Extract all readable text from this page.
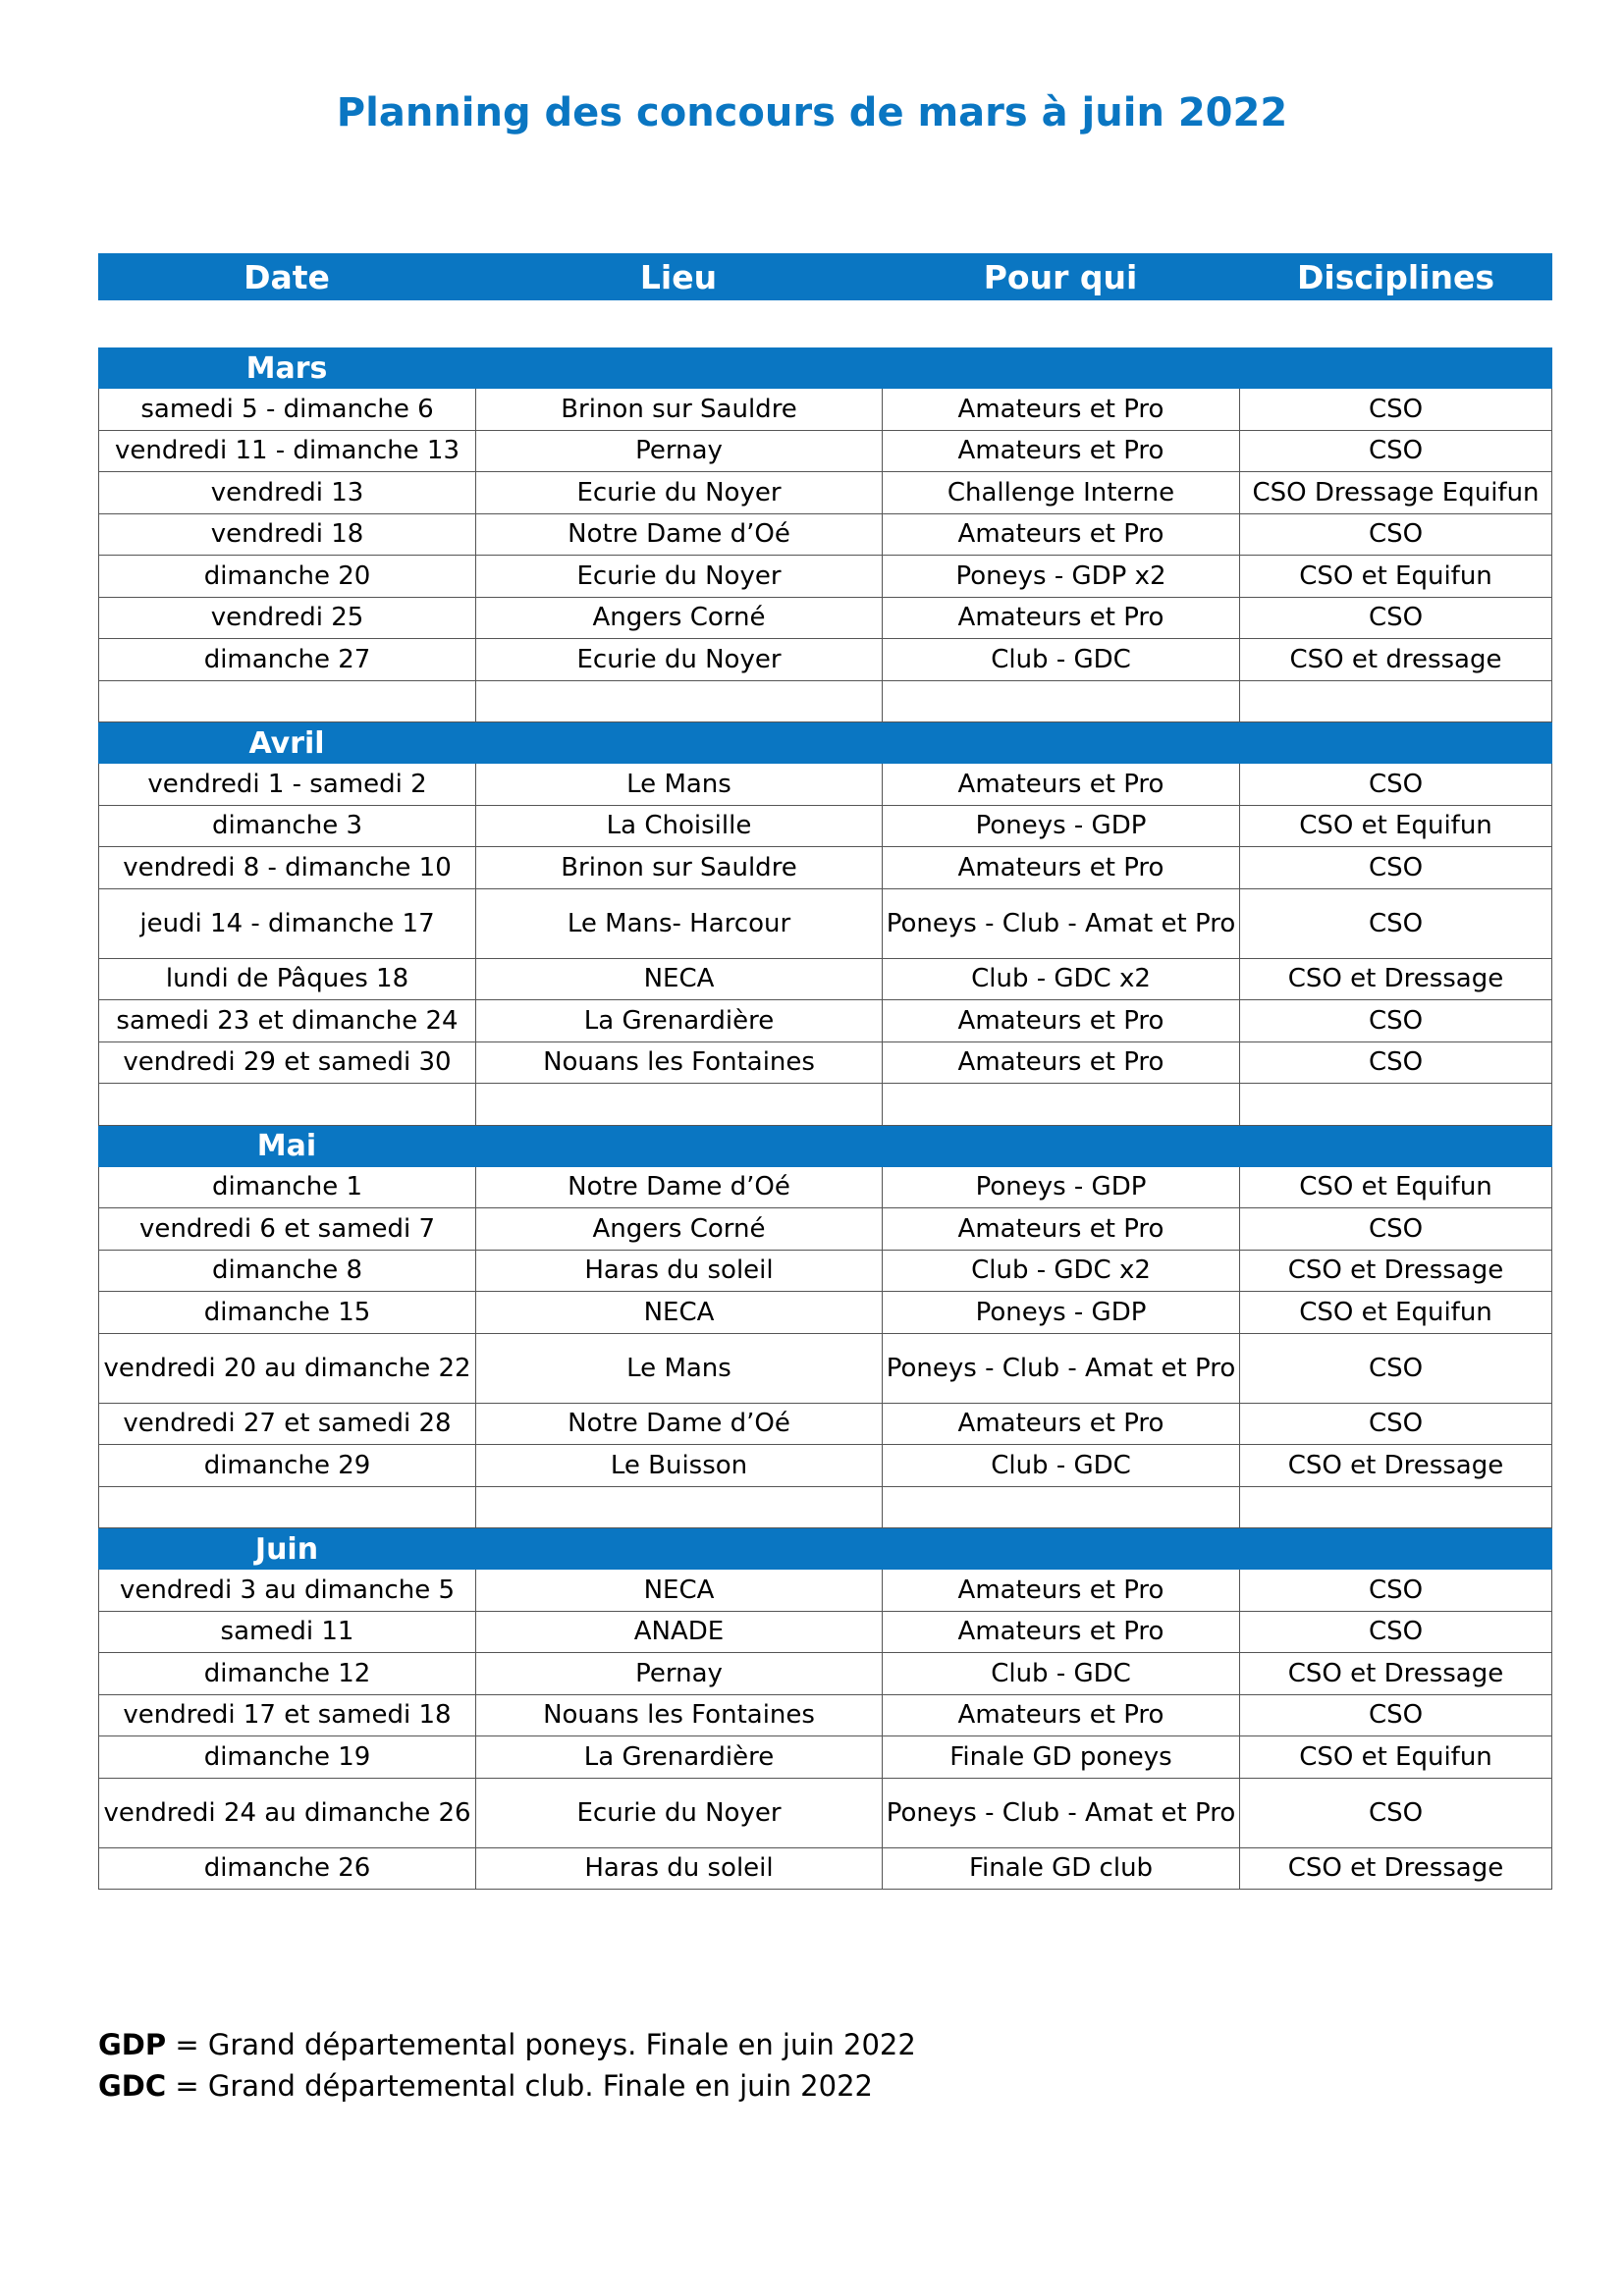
Planning des concours de mars à juin 2022
Date	Lieu	Pour qui	Disciplines
Mars
samedi 5 - dimanche 6	Brinon sur Sauldre	Amateurs et Pro	CSO
vendredi 11 - dimanche 13	Pernay	Amateurs et Pro	CSO
vendredi 13	Ecurie du Noyer	Challenge Interne	CSO Dressage Equifun
vendredi 18	Notre Dame d’Oé	Amateurs et Pro	CSO
dimanche 20	Ecurie du Noyer	Poneys - GDP x2	CSO et Equifun
vendredi 25	Angers Corné	Amateurs et Pro	CSO
dimanche 27	Ecurie du Noyer	Club - GDC	CSO et dressage
Avril
vendredi 1 - samedi 2	Le Mans	Amateurs et Pro	CSO
dimanche 3	La Choisille	Poneys - GDP	CSO et Equifun
vendredi 8 - dimanche 10	Brinon sur Sauldre	Amateurs et Pro	CSO
jeudi 14 - dimanche 17	Le Mans- Harcour	Poneys - Club - Amat et Pro	CSO
lundi de Pâques 18	NECA	Club - GDC x2	CSO et Dressage
samedi 23 et dimanche 24	La Grenardière	Amateurs et Pro	CSO
vendredi 29 et samedi 30	Nouans les Fontaines	Amateurs et Pro	CSO
Mai
dimanche 1	Notre Dame d’Oé	Poneys - GDP	CSO et Equifun
vendredi 6 et samedi 7	Angers Corné	Amateurs et Pro	CSO
dimanche 8	Haras du soleil	Club - GDC x2	CSO et Dressage
dimanche 15	NECA	Poneys - GDP	CSO et Equifun
vendredi 20 au dimanche 22	Le Mans	Poneys - Club - Amat et Pro	CSO
vendredi 27 et samedi 28	Notre Dame d’Oé	Amateurs et Pro	CSO
dimanche 29	Le Buisson	Club - GDC	CSO et Dressage
Juin
vendredi 3 au dimanche 5	NECA	Amateurs et Pro	CSO
samedi 11	ANADE	Amateurs et Pro	CSO
dimanche 12	Pernay	Club - GDC	CSO et Dressage
vendredi 17 et samedi 18	Nouans les Fontaines	Amateurs et Pro	CSO
dimanche 19	La Grenardière	Finale GD poneys	CSO et Equifun
vendredi 24 au dimanche 26	Ecurie du Noyer	Poneys - Club - Amat et Pro	CSO
dimanche 26	Haras du soleil	Finale GD club	CSO et Dressage
GDP = Grand départemental poneys. Finale en juin 2022
GDC = Grand départemental club. Finale en juin 2022
